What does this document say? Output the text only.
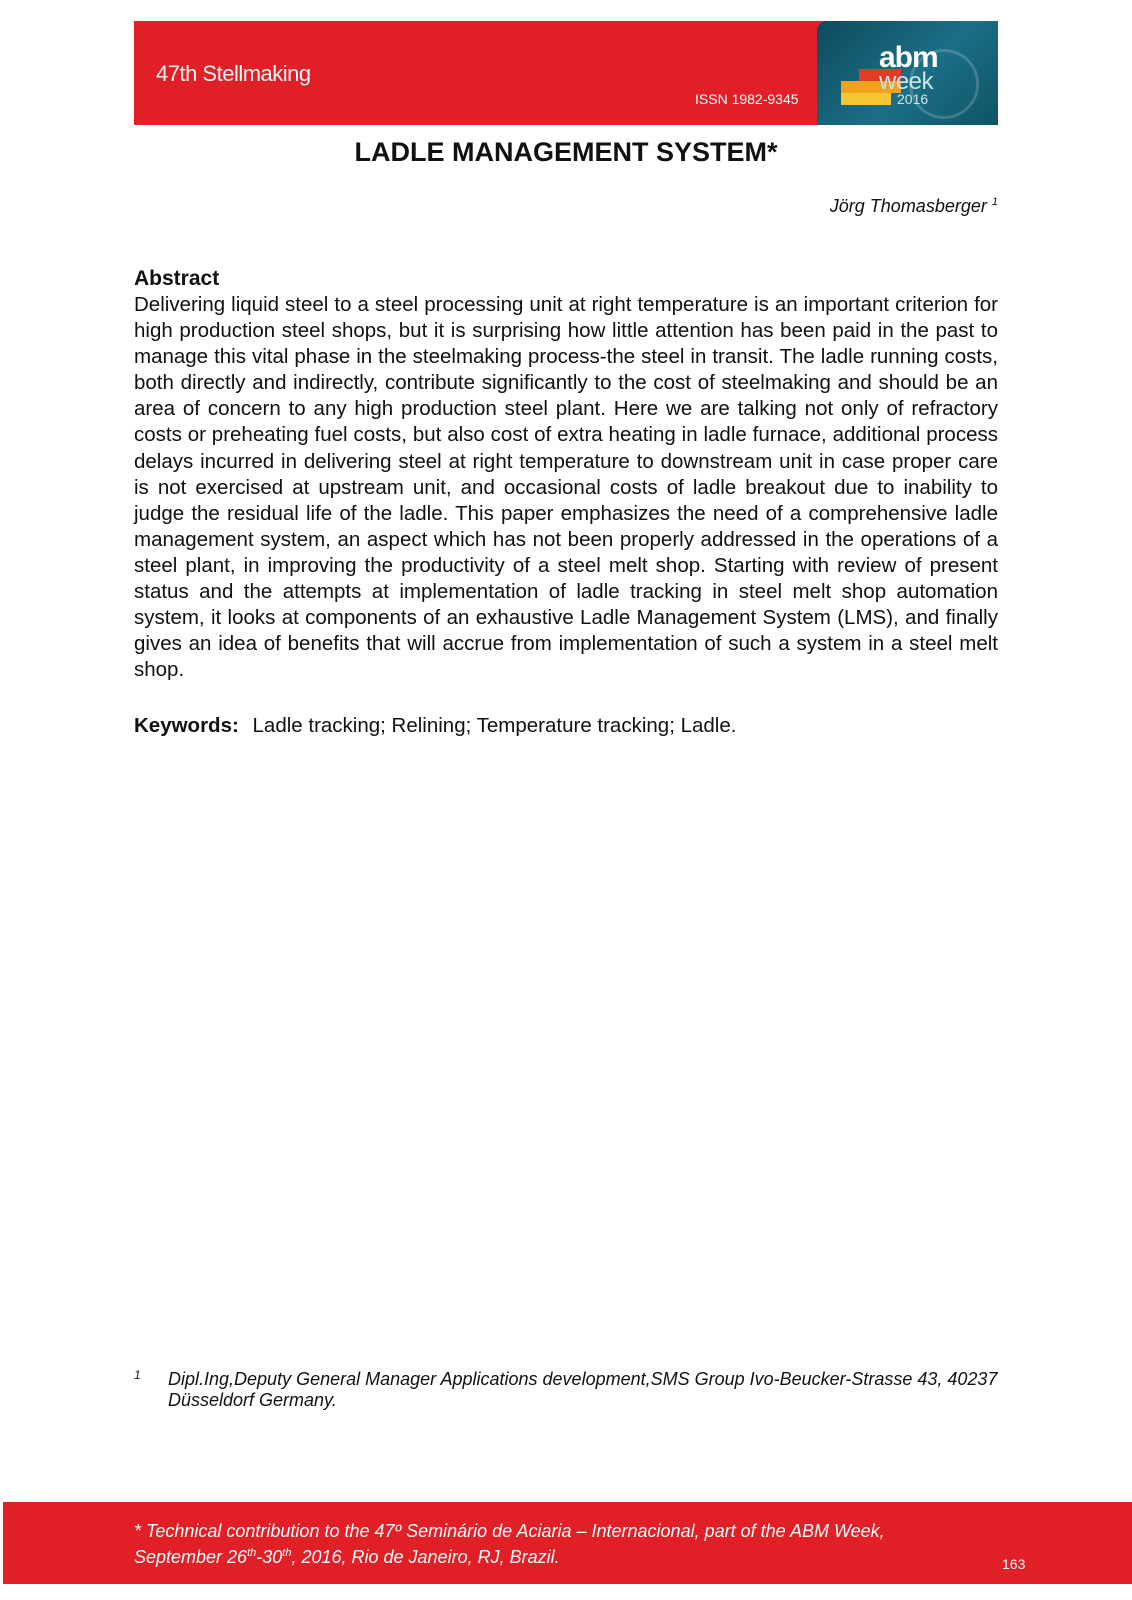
47th Stellmaking
ISSN 1982-9345
abm
week
2016
LADLE MANAGEMENT SYSTEM*
Jörg Thomasberger $^1$
Abstract
Delivering liquid steel to a steel processing unit at right temperature is an important criterion for high production steel shops, but it is surprising how little attention has been paid in the past to manage this vital phase in the steelmaking process-the steel in transit. The ladle running costs, both directly and indirectly, contribute significantly to the cost of steelmaking and should be an area of concern to any high production steel plant. Here we are talking not only of refractory costs or preheating fuel costs, but also cost of extra heating in ladle furnace, additional process delays incurred in delivering steel at right temperature to downstream unit in case proper care is not exercised at upstream unit, and occasional costs of ladle breakout due to inability to judge the residual life of the ladle. This paper emphasizes the need of a comprehensive ladle management system, an aspect which has not been properly addressed in the operations of a steel plant, in improving the productivity of a steel melt shop. Starting with review of present status and the attempts at implementation of ladle tracking in steel melt shop automation system, it looks at components of an exhaustive Ladle Management System (LMS), and finally gives an idea of benefits that will accrue from implementation of such a system in a steel melt shop.
Keywords: Ladle tracking; Relining; Temperature tracking; Ladle.
1 Dipl.Ing,Deputy General Manager Applications development,SMS Group Ivo-Beucker-Strasse 43, 40237 Düsseldorf Germany.
* Technical contribution to the 47º Seminário de Aciaria – Internacional, part of the ABM Week,
September 26th-30th, 2016, Rio de Janeiro, RJ, Brazil.	163
